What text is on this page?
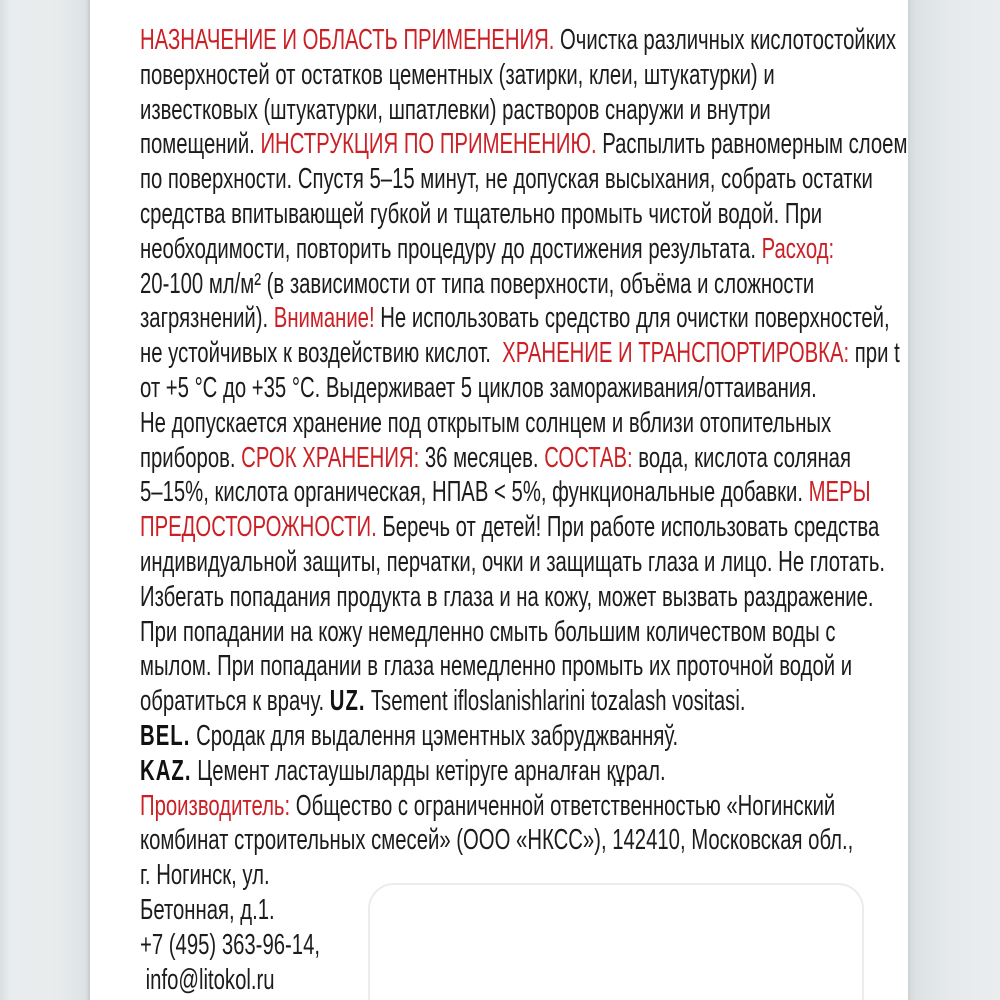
НАЗНАЧЕНИЕ И ОБЛАСТЬ ПРИМЕНЕНИЯ. Очистка различных кислотостойких
поверхностей от остатков цементных (затирки, клеи, штукатурки) и
известковых (штукатурки, шпатлевки) растворов снаружи и внутри
помещений. ИНСТРУКЦИЯ ПО ПРИМЕНЕНИЮ. Распылить равномерным слоем
по поверхности. Спустя 5–15 минут, не допуская высыхания, собрать остатки
средства впитывающей губкой и тщательно промыть чистой водой. При
необходимости, повторить процедуру до достижения результата. Расход:
20-100 мл/м² (в зависимости от типа поверхности, объёма и сложности
загрязнений). Внимание! Не использовать средство для очистки поверхностей,
не устойчивых к воздействию кислот.  ХРАНЕНИЕ И ТРАНСПОРТИРОВКА: при t
от +5 °С до +35 °С. Выдерживает 5 циклов замораживания/оттаивания.
Не допускается хранение под открытым солнцем и вблизи отопительных
приборов. СРОК ХРАНЕНИЯ: 36 месяцев. СОСТАВ: вода, кислота соляная
5–15%, кислота органическая, НПАВ < 5%, функциональные добавки. МЕРЫ
ПРЕДОСТОРОЖНОСТИ. Беречь от детей! При работе использовать средства
индивидуальной защиты, перчатки, очки и защищать глаза и лицо. Не глотать.
Избегать попадания продукта в глаза и на кожу, может вызвать раздражение.
При попадании на кожу немедленно смыть большим количеством воды с
мылом. При попадании в глаза немедленно промыть их проточной водой и
обратиться к врачу. UZ. Tsement ifloslanishlarini tozalash vositasi.
BEL. Сродак для выдалення цэментных забруджванняў.
KAZ. Цемент ластаушыларды кетіруге арналған құрал.
Производитель: Общество с ограниченной ответственностью «Ногинский
комбинат строительных смесей» (ООО «НКСС»), 142410, Московская обл.,
г. Ногинск, ул.
Бетонная, д.1.
+7 (495) 363-96-14,
info@litokol.ru
